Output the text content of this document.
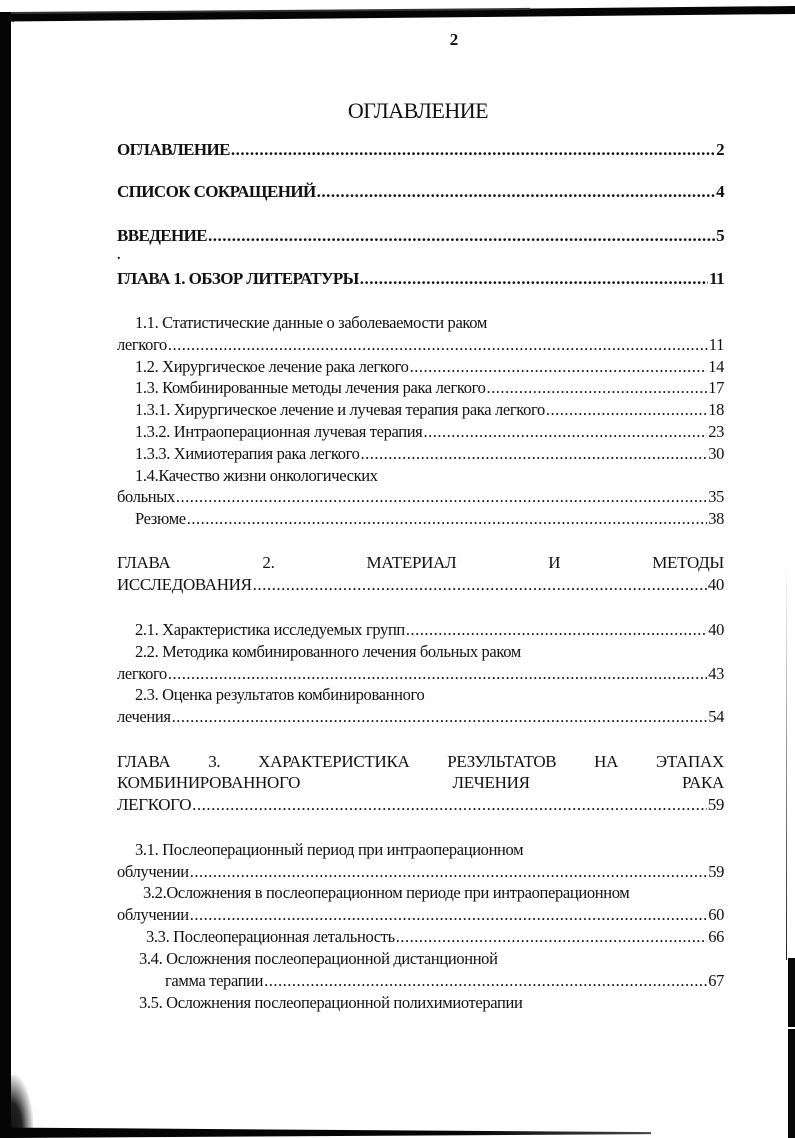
2
ОГЛАВЛЕНИЕ
ОГЛАВЛЕНИЕ .....	2
СПИСОК СОКРАЩЕНИЙ .....	4
ВВЕДЕНИЕ .....	5
.
ГЛАВА 1. ОБЗОР ЛИТЕРАТУРЫ .....	11
1.1. Статистические данные о заболеваемости раком
легкого .....	11
1.2. Хирургическое лечение рака легкого .....	14
1.3. Комбинированные методы лечения рака легкого .....	17
1.3.1. Хирургическое лечение и лучевая терапия рака легкого .....	18
1.3.2. Интраоперационная лучевая терапия .....	23
1.3.3. Химиотерапия рака легкого .....	30
1.4.Качество жизни онкологических
больных .....	35
Резюме .....	38
ГЛАВА	2.	МАТЕРИАЛ	И	МЕТОДЫ
ИССЛЕДОВАНИЯ .....	40
2.1. Характеристика исследуемых групп .....	40
2.2. Методика комбинированного лечения больных раком
легкого .....	43
2.3. Оценка результатов комбинированного
лечения .....	54
ГЛАВА 3. ХАРАКТЕРИСТИКА РЕЗУЛЬТАТОВ НА ЭТАПАХ
КОМБИНИРОВАННОГО	ЛЕЧЕНИЯ	РАКА
ЛЕГКОГО .....	59
3.1. Послеоперационный период при интраоперационном
облучении .....	59
3.2.Осложнения в послеоперационном периоде при интраоперационном
облучении .....	60
3.3. Послеоперационная летальность .....	66
3.4. Осложнения послеоперационной дистанционной
гамма терапии .....	67
3.5. Осложнения послеоперационной полихимиотерапии
